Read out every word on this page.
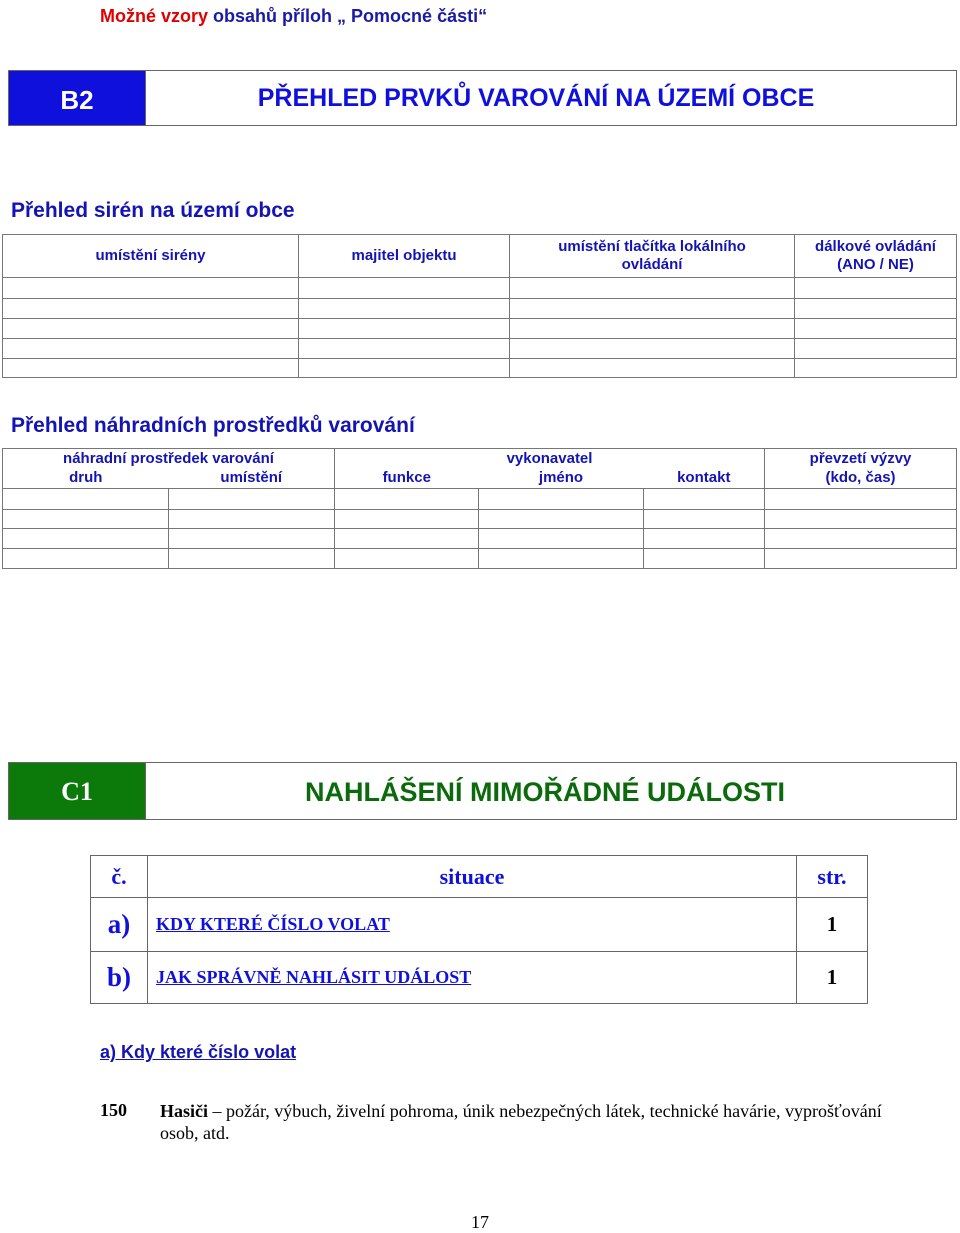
Možné vzory obsahů příloh „ Pomocné části“
B2	PŘEHLED PRVKŮ VAROVÁNÍ NA ÚZEMÍ OBCE
Přehled sirén na území obce
umístění sirény	majitel objektu	umístění tlačítka lokálního ovládání	dálkové ovládání (ANO / NE)

Přehled náhradních prostředků varování
náhradní prostředek varování		vykonavatel			převzetí výzvy
druh	umístění	funkce	jméno	kontakt	(kdo, čas)

C1	NAHLÁŠENÍ MIMOŘÁDNÉ UDÁLOSTI
č.	situace	str.
a)	KDY KTERÉ ČÍSLO VOLAT	1
b)	JAK SPRÁVNĚ NAHLÁSIT UDÁLOST	1
a) Kdy které číslo volat
150 Hasiči – požár, výbuch, živelní pohroma, únik nebezpečných látek, technické havárie, vyprošťování osob, atd.
17
